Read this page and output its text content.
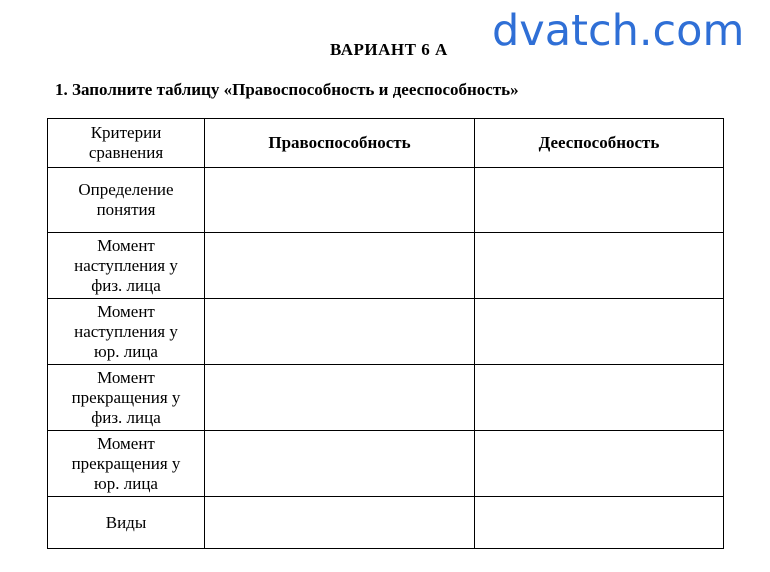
dvatch.com
ВАРИАНТ 6 А
1. Заполните таблицу «Правоспособность и дееспособность»
Критерии сравнения	Правоспособность	Дееспособность
Определение понятия		
Момент наступления у физ. лица		
Момент наступления у юр. лица		
Момент прекращения у физ. лица		
Момент прекращения у юр. лица		
Виды		
